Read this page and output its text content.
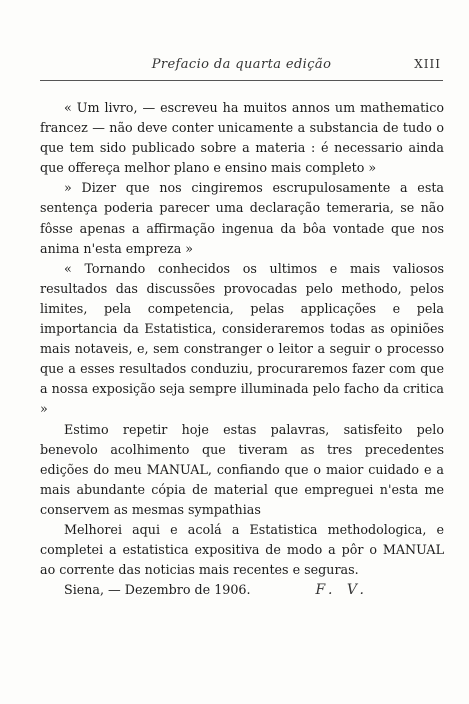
Prefacio da quarta edição	XIII

« Um livro, — escreveu ha muitos annos um mathematico francez — não deve conter unicamente a substancia de tudo o que tem sido publicado sobre a materia : é necessario ainda que offereça melhor plano e ensino mais completo »

» Dizer que nos cingiremos escrupulosamente a esta sentença poderia parecer uma declaração temeraria, se não fôsse apenas a affirmação ingenua da bôa vontade que nos anima n'esta empreza »

« Tornando conhecidos os ultimos e mais valiosos resultados das discussões provocadas pelo methodo, pelos limites, pela competencia, pelas applicações e pela importancia da Estatistica, consideraremos todas as opiniões mais notaveis, e, sem constranger o leitor a seguir o processo que a esses resultados conduziu, procuraremos fazer com que a nossa exposição seja sempre illuminada pelo facho da critica »

Estimo repetir hoje estas palavras, satisfeito pelo benevolo acolhimento que tiveram as tres precedentes edições do meu MANUAL, confiando que o maior cuidado e a mais abundante cópia de material que empreguei n'esta me conservem as mesmas sympathias

Melhorei aqui e acolá a Estatistica methodologica, e completei a estatistica expositiva de modo a pôr o MANUAL ao corrente das noticias mais recentes e seguras.

Siena, — Dezembro de 1906.	F. V.
